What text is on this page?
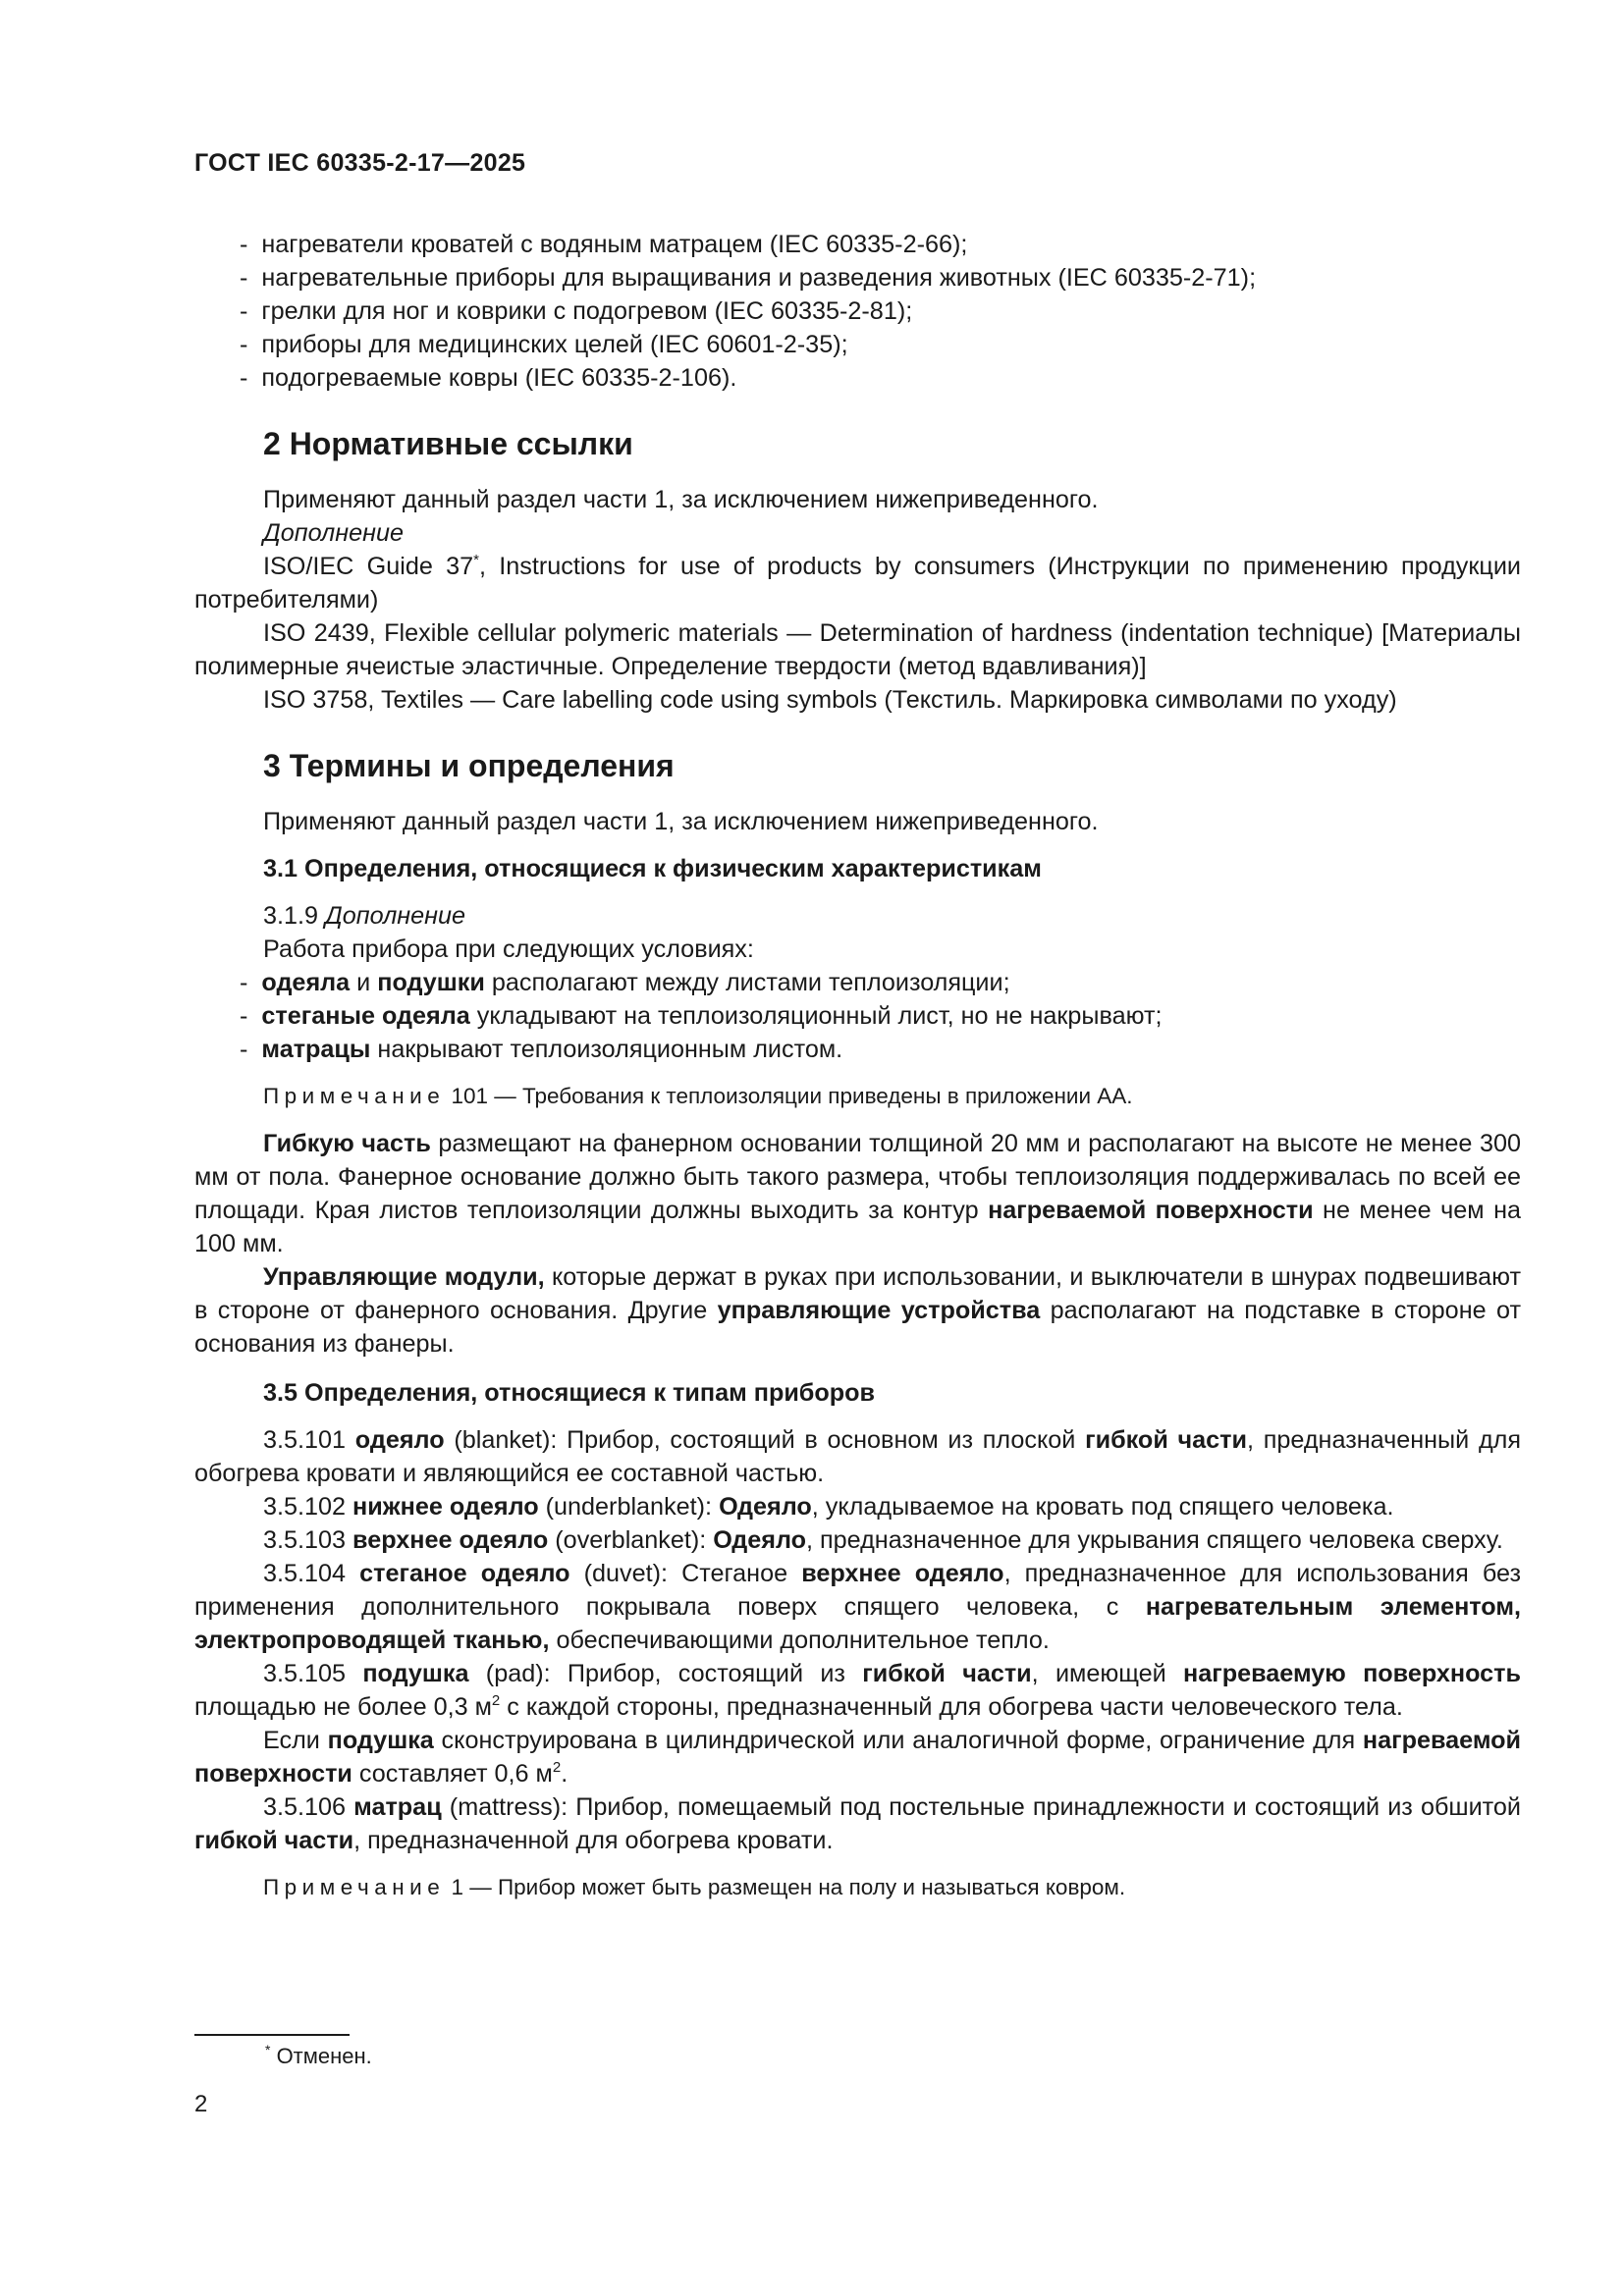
ГОСТ IEC 60335-2-17—2025
-  нагреватели кроватей с водяным матрацем (IEC 60335-2-66);
-  нагревательные приборы для выращивания и разведения животных (IEC 60335-2-71);
-  грелки для ног и коврики с подогревом (IEC 60335-2-81);
-  приборы для медицинских целей (IEC 60601-2-35);
-  подогреваемые ковры (IEC 60335-2-106).
2 Нормативные ссылки
Применяют данный раздел части 1, за исключением нижеприведенного.
Дополнение
ISO/IEC Guide 37*, Instructions for use of products by consumers (Инструкции по применению продукции потребителями)
ISO 2439, Flexible cellular polymeric materials — Determination of hardness (indentation technique) [Материалы полимерные ячеистые эластичные. Определение твердости (метод вдавливания)]
ISO 3758, Textiles — Care labelling code using symbols (Текстиль. Маркировка символами по уходу)
3 Термины и определения
Применяют данный раздел части 1, за исключением нижеприведенного.
3.1 Определения, относящиеся к физическим характеристикам
3.1.9 Дополнение
Работа прибора при следующих условиях:
-  одеяла и подушки располагают между листами теплоизоляции;
-  стеганые одеяла укладывают на теплоизоляционный лист, но не накрывают;
-  матрацы накрывают теплоизоляционным листом.
Примечание 101 — Требования к теплоизоляции приведены в приложении АА.
Гибкую часть размещают на фанерном основании толщиной 20 мм и располагают на высоте не менее 300 мм от пола. Фанерное основание должно быть такого размера, чтобы теплоизоляция поддерживалась по всей ее площади. Края листов теплоизоляции должны выходить за контур нагреваемой поверхности не менее чем на 100 мм.
Управляющие модули, которые держат в руках при использовании, и выключатели в шнурах подвешивают в стороне от фанерного основания. Другие управляющие устройства располагают на подставке в стороне от основания из фанеры.
3.5 Определения, относящиеся к типам приборов
3.5.101 одеяло (blanket): Прибор, состоящий в основном из плоской гибкой части, предназначенный для обогрева кровати и являющийся ее составной частью.
3.5.102 нижнее одеяло (underblanket): Одеяло, укладываемое на кровать под спящего человека.
3.5.103 верхнее одеяло (overblanket): Одеяло, предназначенное для укрывания спящего человека сверху.
3.5.104 стеганое одеяло (duvet): Стеганое верхнее одеяло, предназначенное для использования без применения дополнительного покрывала поверх спящего человека, с нагревательным элементом, электропроводящей тканью, обеспечивающими дополнительное тепло.
3.5.105 подушка (pad): Прибор, состоящий из гибкой части, имеющей нагреваемую поверхность площадью не более 0,3 $м^2$ с каждой стороны, предназначенный для обогрева части человеческого тела.
Если подушка сконструирована в цилиндрической или аналогичной форме, ограничение для нагреваемой поверхности составляет 0,6 $м^2$.
3.5.106 матрац (mattress): Прибор, помещаемый под постельные принадлежности и состоящий из обшитой гибкой части, предназначенной для обогрева кровати.
Примечание 1 — Прибор может быть размещен на полу и называться ковром.
* Отменен.
2
